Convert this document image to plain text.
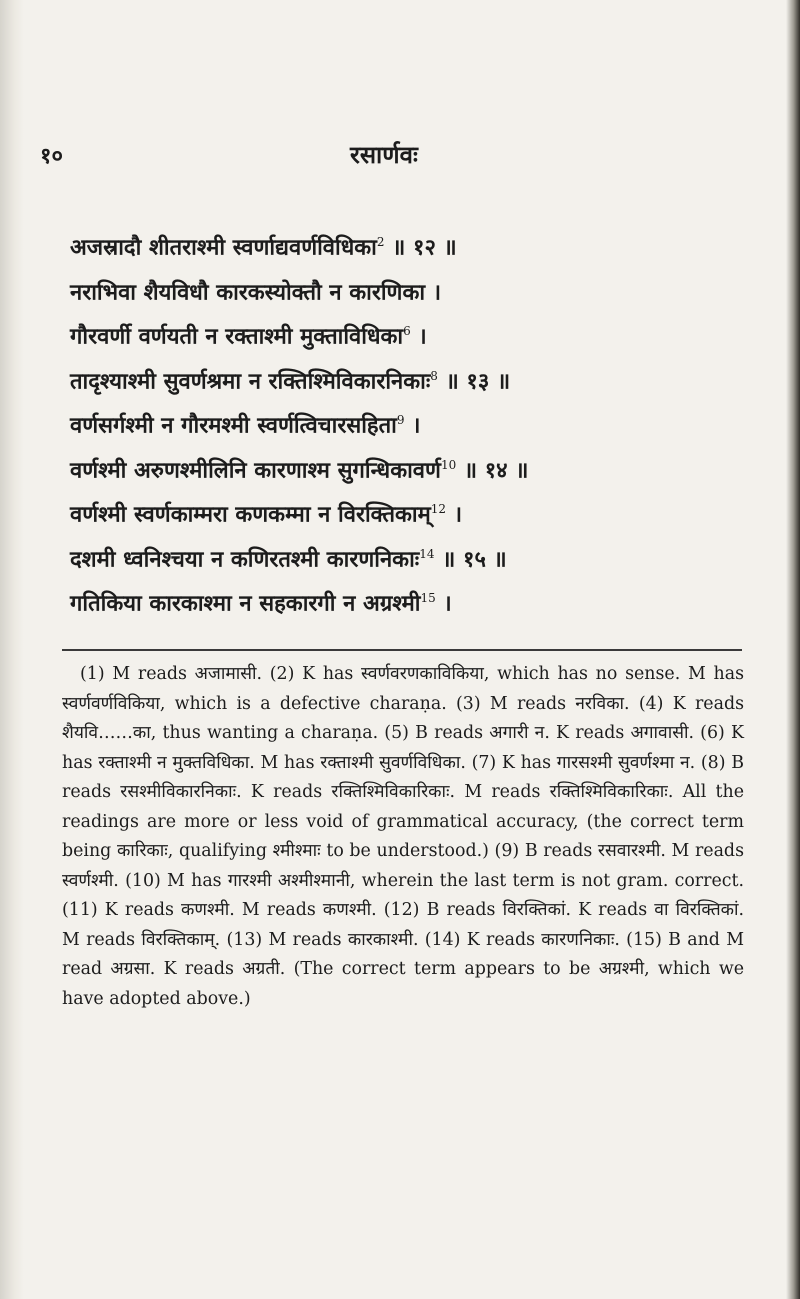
१०	रसार्णवः
अजस्रादौ शीतराश्मी स्वर्णाद्यवर्णविधिका$^2$ ॥ १२ ॥
नराभिवा शैयविधौ कारकस्योक्तौ न कारणिका ।
गौरवर्णी वर्णयती न रक्ताश्मी मुक्ताविधिका$^6$ ।
तादृश्याश्मी सुवर्णश्रमा न रक्तिश्मिविकारनिकाः$^8$ ॥ १३ ॥
वर्णसर्गश्मी न गौरमश्मी स्वर्णत्विचारसहिता$^9$ ।
वर्णश्मी अरुणश्मीलिनि कारणाश्म सुगन्धिकावर्ण$^{10}$ ॥ १४ ॥
वर्णश्मी स्वर्णकाम्मरा कणकम्मा न विरक्तिकाम्$^{12}$ ।
दशमी ध्वनिश्चया न कणिरतश्मी कारणनिकाः$^{14}$ ॥ १५ ॥
गतिकिया कारकाश्मा न सहकारगी न अग्रश्मी$^{15}$ ।
(1) M reads अजामासी. (2) K has स्वर्णवरणकाविकिया, which has no sense. M has स्वर्णवर्णविकिया, which is a defective charaṇa. (3) M reads नरविका. (4) K reads शैयवि……का, thus wanting a charaṇa. (5) B reads अगारी न. K reads अगावासी. (6) K has रक्ताश्मी न मुक्तविधिका. M has रक्ताश्मी सुवर्णविधिका. (7) K has गारसश्मी सुवर्णश्मा न. (8) B reads रसश्मीविकारनिकाः. K reads रक्तिश्मिविकारिकाः. M reads रक्तिश्मिविकारिकाः. All the readings are more or less void of grammatical accuracy, (the correct term being कारिकाः, qualifying श्मीश्माः to be understood.) (9) B reads रसवारश्मी. M reads स्वर्णश्मी. (10) M has गारश्मी अश्मीश्मानी, wherein the last term is not gram. correct. (11) K reads कणश्मी. M reads कणश्मी. (12) B reads विरक्तिकां. K reads वा विरक्तिकां. M reads विरक्तिकाम्. (13) M reads कारकाश्मी. (14) K reads कारणनिकाः. (15) B and M read अग्रसा. K reads अग्रती. (The correct term appears to be अग्रश्मी, which we have adopted above.)
